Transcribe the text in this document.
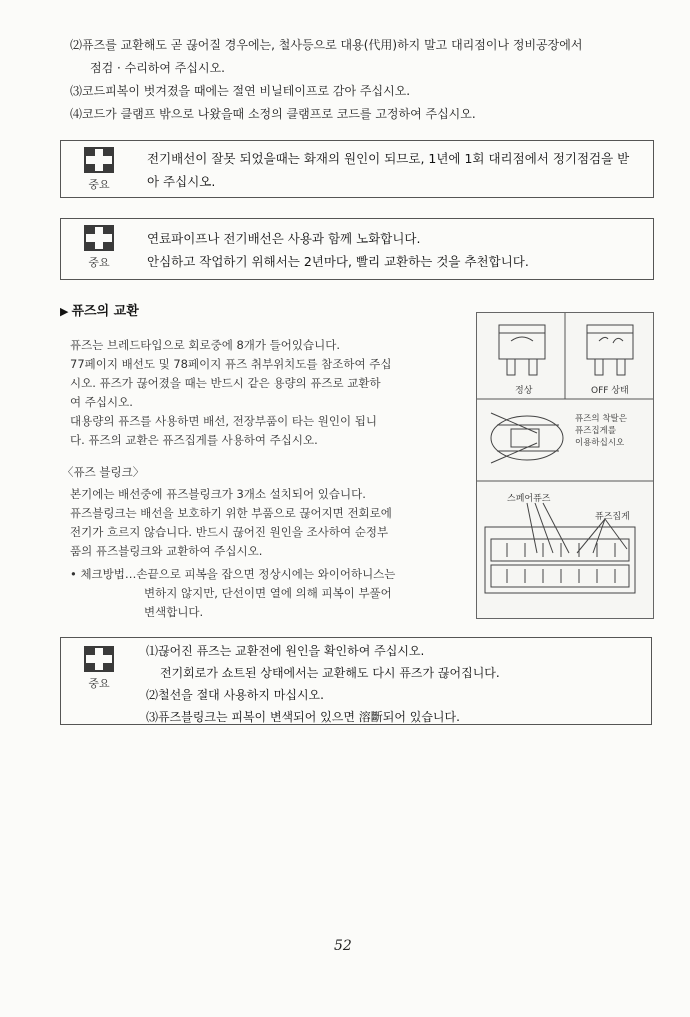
⑵퓨즈를 교환해도 곧 끊어질 경우에는, 철사등으로 대용(代用)하지 말고 대리점이나 정비공장에서
점검 · 수리하여 주십시오.
⑶코드피복이 벗겨졌을 때에는 절연 비닐테이프로 감아 주십시오.
⑷코드가 클램프 밖으로 나왔을때 소정의 클램프로 코드를 고정하여 주십시오.
중요
전기배선이 잘못 되었을때는 화재의 원인이 되므로, 1년에 1회 대리점에서 정기점검을 받
아 주십시오.
중요
연료파이프나 전기배선은 사용과 함께 노화합니다.
안심하고 작업하기 위해서는 2년마다, 빨리 교환하는 것을 추천합니다.
▶ 퓨즈의 교환
퓨즈는 브레드타입으로 회로중에 8개가 들어있습니다.
77페이지 배선도 및 78페이지 퓨즈 취부위치도를 참조하여 주십
시오. 퓨즈가 끊어졌을 때는 반드시 같은 용량의 퓨즈로 교환하
여 주십시오.
대용량의 퓨즈를 사용하면 배선, 전장부품이 타는 원인이 됩니
다. 퓨즈의 교환은 퓨즈집게를 사용하여 주십시오.
〈퓨즈 블링크〉
본기에는 배선중에 퓨즈블링크가 3개소 설치되어 있습니다.
퓨즈블링크는 배선을 보호하기 위한 부품으로 끊어지면 전회로에
전기가 흐르지 않습니다. 반드시 끊어진 원인을 조사하여 순정부
품의 퓨즈블링크와 교환하여 주십시오.
• 체크방법…손끝으로 피복을 잡으면 정상시에는 와이어하니스는
변하지 않지만, 단선이면 열에 의해 피복이 부풀어
변색합니다.
정상	OFF 상태
퓨즈의 착탈은
퓨즈집게를
이용하십시오
스페어퓨즈
퓨즈집게
중요
⑴끊어진 퓨즈는 교환전에 원인을 확인하여 주십시오.
전기회로가 쇼트된 상태에서는 교환해도 다시 퓨즈가 끊어집니다.
⑵철선을 절대 사용하지 마십시오.
⑶퓨즈블링크는 피복이 변색되어 있으면 溶斷되어 있습니다.
52
